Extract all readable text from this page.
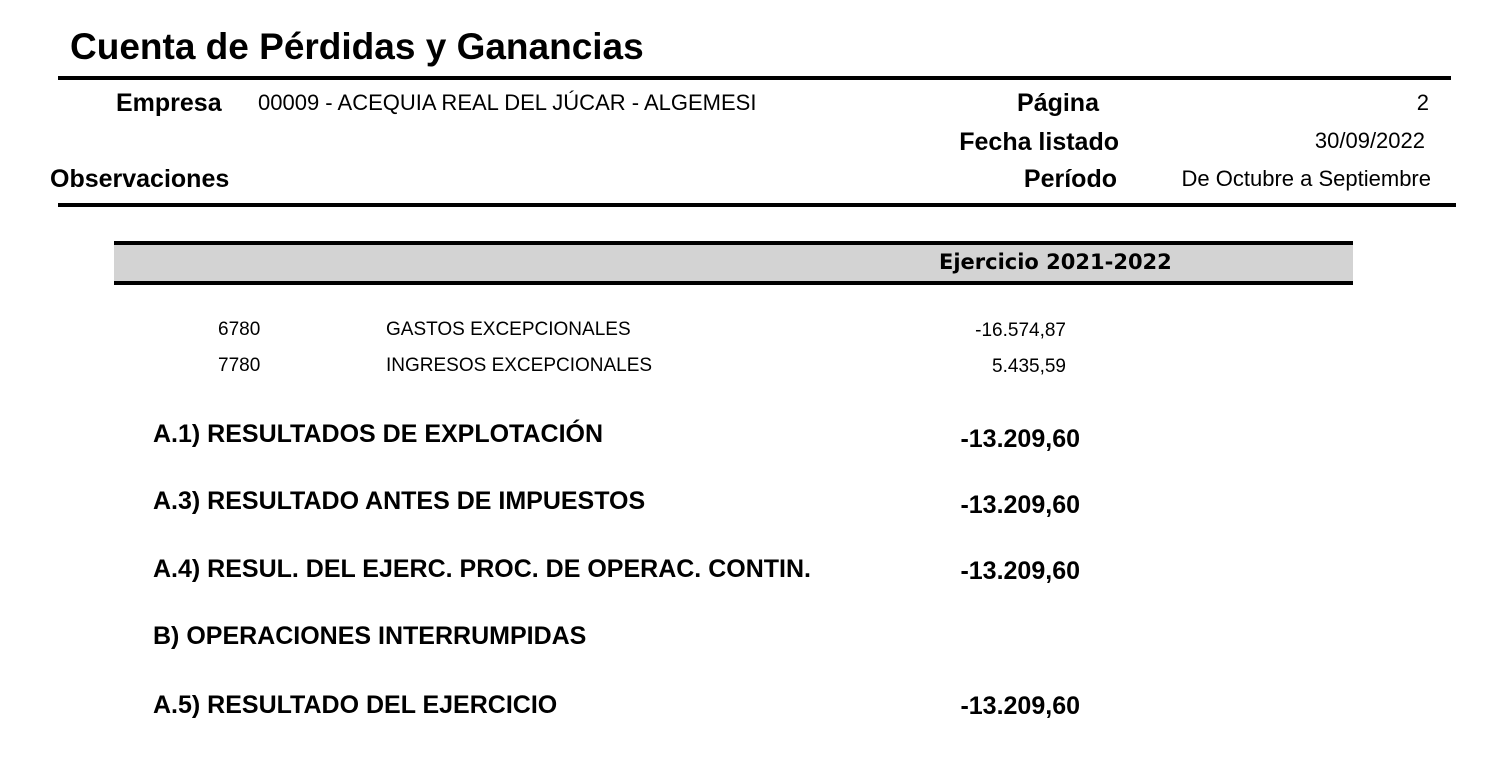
Cuenta de Pérdidas y Ganancias
Empresa 00009 - ACEQUIA REAL DEL JÚCAR - ALGEMESI	Página	2
Fecha listado	30/09/2022
Observaciones	Período	De Octubre a Septiembre
Ejercicio 2021-2022
6780	GASTOS EXCEPCIONALES	-16.574,87
7780	INGRESOS EXCEPCIONALES	5.435,59
A.1) RESULTADOS DE EXPLOTACIÓN	-13.209,60
A.3) RESULTADO ANTES DE IMPUESTOS	-13.209,60
A.4) RESUL. DEL EJERC. PROC. DE OPERAC. CONTIN.	-13.209,60
B) OPERACIONES INTERRUMPIDAS
A.5) RESULTADO DEL EJERCICIO	-13.209,60
